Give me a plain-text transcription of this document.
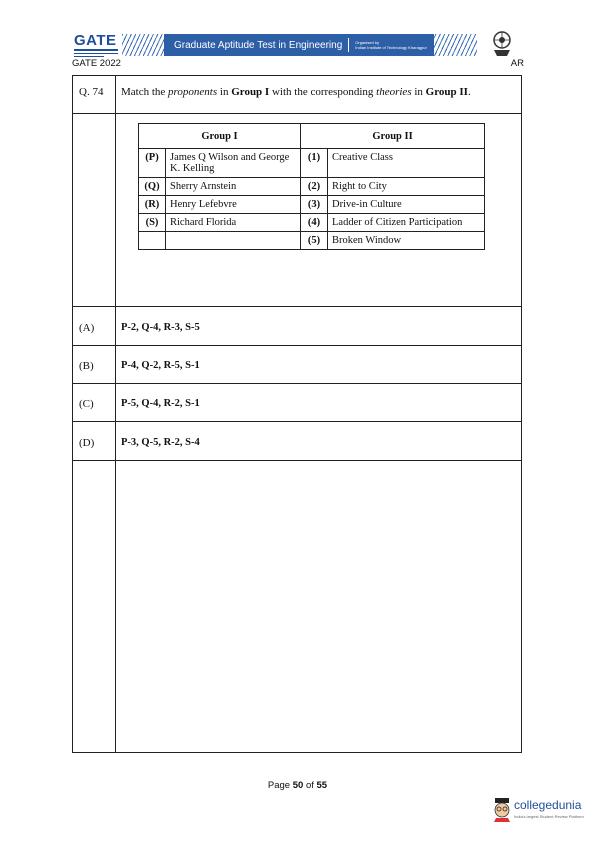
GATE	Graduate Aptitude Test in Engineering	Organised by
Indian Institute of Technology Kharagpur
GATE 2022	AR
Q. 74 Match the proponents in Group I with the corresponding theories in Group II.
(A)	P-2, Q-4, R-3, S-5
(B)	P-4, Q-2, R-5, S-1
(C)	P-5, Q-4, R-2, S-1
(D)	P-3, Q-5, R-2, S-4
Group I		Group II	
(P)	James Q Wilson and George K. Kelling	(1)	Creative Class
(Q)	Sherry Arnstein	(2)	Right to City
(R)	Henry Lefebvre	(3)	Drive-in Culture
(S)	Richard Florida	(4)	Ladder of Citizen Participation
		(5)	Broken Window
Page 50 of 55
collegedunia
India's largest Student Review Platform
